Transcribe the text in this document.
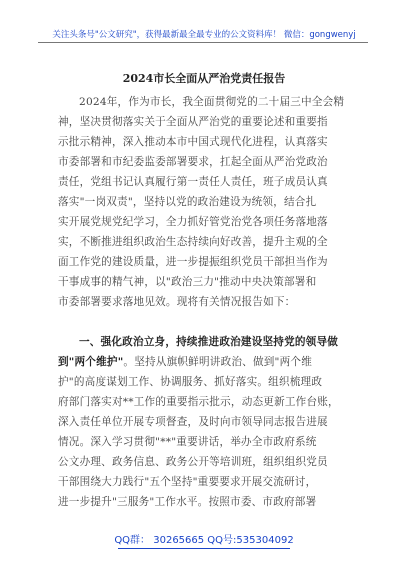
关注头条号"公文研究"，获得最新最全最专业的公文资料库！ 微信：gongwenyj
2024市长全面从严治党责任报告
2024年，作为市长，我全面贯彻党的二十届三中全会精
神，坚决贯彻落实关于全面从严治党的重要论述和重要指
示批示精神，深入推动本市中国式现代化进程，认真落实
市委部署和市纪委监委部署要求，扛起全面从严治党政治
责任，党组书记认真履行第一责任人责任，班子成员认真
落实"一岗双责"，坚持以党的政治建设为统领，结合扎
实开展党规党纪学习，全力抓好管党治党各项任务落地落
实，不断推进组织政治生态持续向好改善，提升主观的全
面工作党的建设质量，进一步提振组织党员干部担当作为
干事成事的精气神，以"政治三力"推动中央决策部署和
市委部署要求落地见效。现将有关情况报告如下：
一、强化政治立身，持续推进政治建设坚持党的领导做
到"两个维护"。坚持从旗帜鲜明讲政治、做到"两个维
护"的高度谋划工作、协调服务、抓好落实。组织梳理政
府部门落实对**工作的重要指示批示，动态更新工作台账，
深入责任单位开展专项督查，及时向市领导同志报告进展
情况。深入学习贯彻"**"重要讲话，举办全市政府系统
公文办理、政务信息、政务公开等培训班，组织组织党员
干部围绕大力践行"五个坚持"重要要求开展交流研讨，
进一步提升"三服务"工作水平。按照市委、市政府部署
QQ群： 30265665 QQ号:535304092
